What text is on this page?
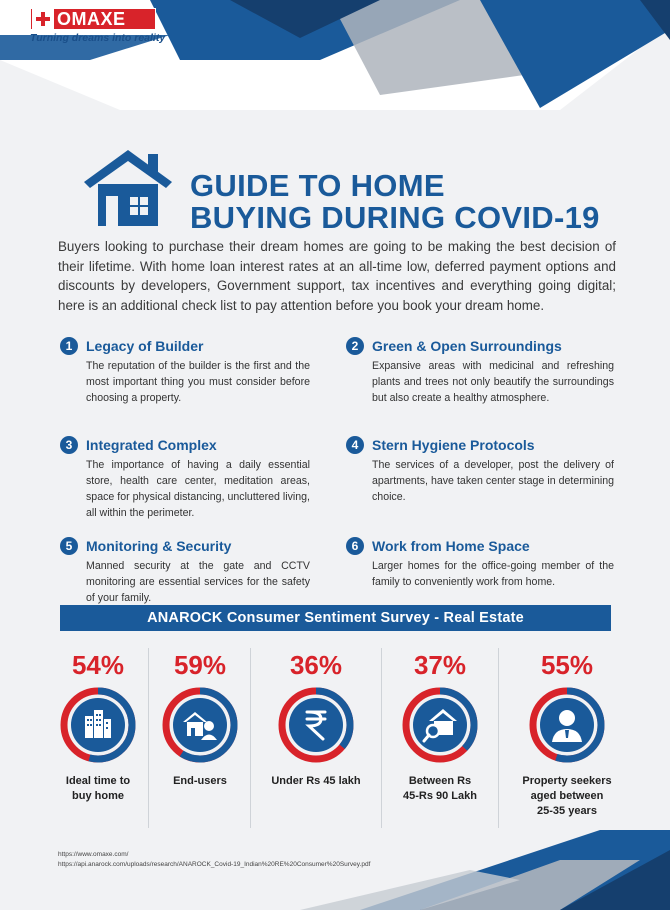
OMAXE
Turning dreams into reality
GUIDE TO HOME
BUYING DURING COVID-19
Buyers looking to purchase their dream homes are going to be making the best decision of their lifetime. With home loan interest rates at an all-time low, deferred payment options and discounts by developers, Government support, tax incentives and everything going digital; here is an additional check list to pay attention before you book your dream home.
1 Legacy of Builder
The reputation of the builder is the first and the most important thing you must consider before choosing a property.
2 Green & Open Surroundings
Expansive areas with medicinal and refreshing plants and trees not only beautify the surroundings but also create a healthy atmosphere.
3 Integrated Complex
The importance of having a daily essential store, health care center, meditation areas, space for physical distancing, uncluttered living, all within the perimeter.
4 Stern Hygiene Protocols
The services of a developer, post the delivery of apartments, have taken center stage in determining choice.
5 Monitoring & Security
Manned security at the gate and CCTV monitoring are essential services for the safety of your family.
6 Work from Home Space
Larger homes for the office-going member of the family to conveniently work from home.
ANAROCK Consumer Sentiment Survey - Real Estate
54%
Ideal time to
buy home
59%
End-users
36%
Under Rs 45 lakh
37%
Between Rs
45-Rs 90 Lakh
55%
Property seekers
aged between
25-35 years
https://www.omaxe.com/
https://api.anarock.com/uploads/research/ANAROCK_Covid-19_Indian%20RE%20Consumer%20Survey.pdf
